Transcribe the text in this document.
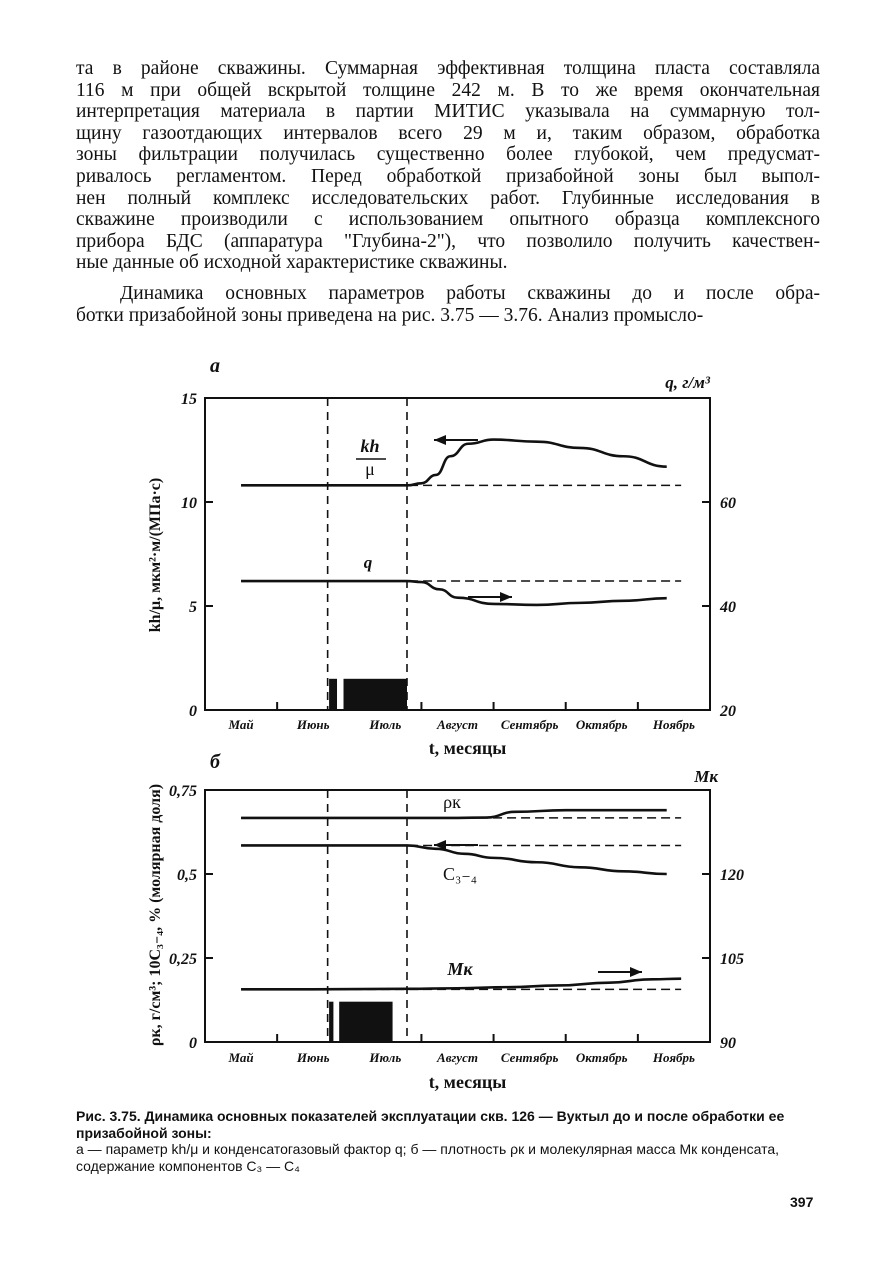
та в районе скважины. Суммарная эффективная толщина пласта составляла
116 м при общей вскрытой толщине 242 м. В то же время окончательная
интерпретация материала в партии МИТИС указывала на суммарную тол-
щину газоотдающих интервалов всего 29 м и, таким образом, обработка
зоны фильтрации получилась существенно более глубокой, чем предусмат-
ривалось регламентом. Перед обработкой призабойной зоны был выпол-
нен полный комплекс исследовательских работ. Глубинные исследования в
скважине производили с использованием опытного образца комплексного
прибора БДС (аппаратура "Глубина-2"), что позволило получить качествен-
ные данные об исходной характеристике скважины.

Динамика основных параметров работы скважины до и после обра-
ботки призабойной зоны приведена на рис. 3.75 — 3.76. Анализ промысло-

0
5
10
15
20
40
60
Май	Июнь	Июль	Август Сентябрь Октябрь Ноябрь
а
kh
μ
q
t, месяцы
q, г/м³
kh/μ, мкм²·м/(МПа·с)
0
0,25
0,5
0,75
90
105
120
Май	Июнь	Июль	Август Сентябрь Октябрь Ноябрь
б
ρк
C₃₋₄
Mк
t, месяцы
Mк
ρк, г/см³; 10C₃₋₄, % (молярная доля)
Рис. 3.75. Динамика основных показателей эксплуатации скв. 126 — Вуктыл до и после обработки ее призабойной зоны:
а — параметр kh/μ и конденсатогазовый фактор q; б — плотность ρк и молекулярная масса Mк конденсата, содержание компонентов C₃ — C₄
397
